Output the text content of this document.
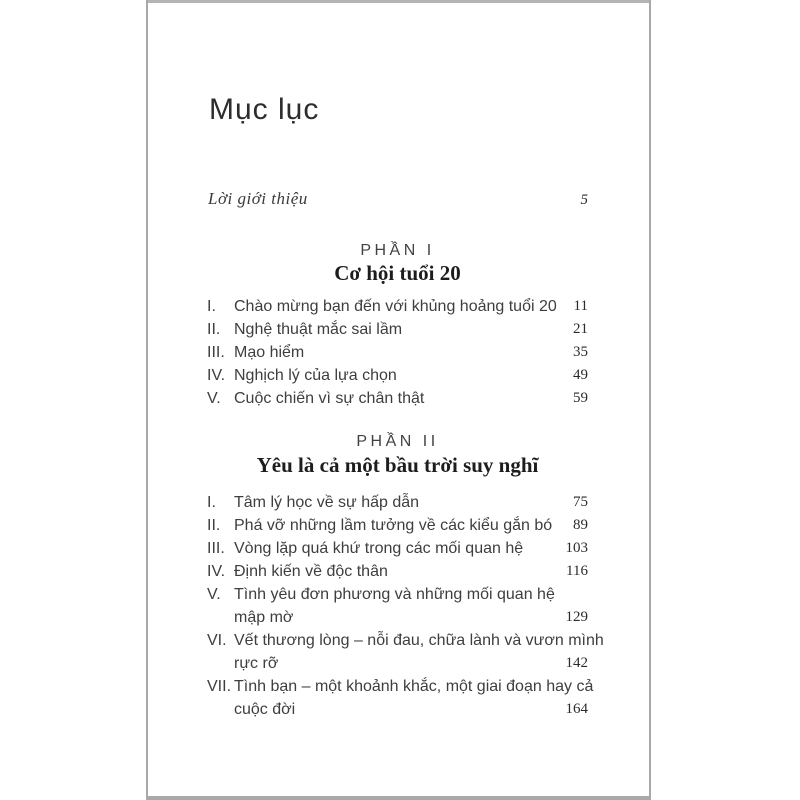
Mục lục
Lời giới thiệu	5
PHẦN I
Cơ hội tuổi 20
I. Chào mừng bạn đến với khủng hoảng tuổi 20	11
II. Nghệ thuật mắc sai lầm	21
III. Mạo hiểm	35
IV. Nghịch lý của lựa chọn	49
V. Cuộc chiến vì sự chân thật	59
PHẦN II
Yêu là cả một bầu trời suy nghĩ
I. Tâm lý học về sự hấp dẫn	75
II. Phá vỡ những lầm tưởng về các kiểu gắn bó	89
III. Vòng lặp quá khứ trong các mối quan hệ	103
IV. Định kiến về độc thân	116
V. Tình yêu đơn phương và những mối quan hệ
mập mờ	129
VI. Vết thương lòng – nỗi đau, chữa lành và vươn mình
rực rỡ	142
VII. Tình bạn – một khoảnh khắc, một giai đoạn hay cả
cuộc đời	164
